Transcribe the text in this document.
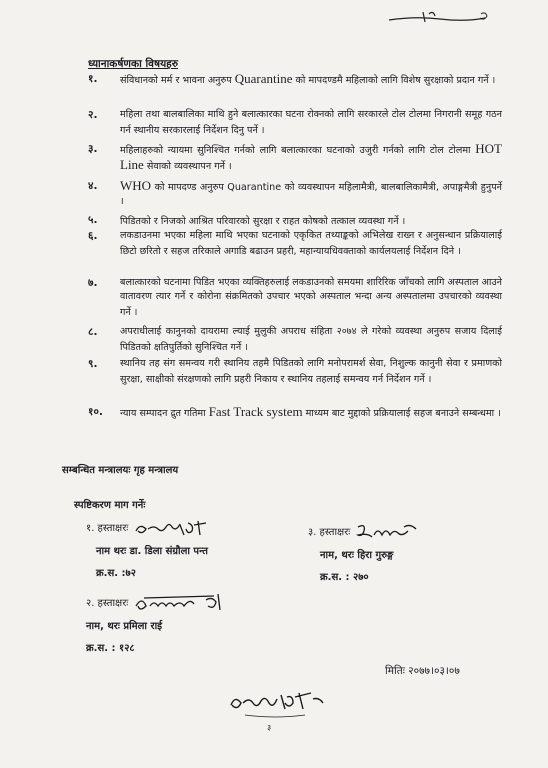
ध्यानाकर्षणका विषयहरु
१. संविधानको मर्म र भावना अनुरुप Quarantine को मापदण्डमै महिलाको लागि विशेष सुरक्षाको प्रदान गर्ने ।
२. महिला तथा बालबालिका माथि हुने बलात्कारका घटना रोक्नको लागि सरकारले टोल टोलमा निगरानी समूह गठन गर्न स्थानीय सरकारलाई निर्देशन दिनु पर्ने ।
३. महिलाहरुको न्यायमा सुनिश्चित गर्नको लागि बलात्कारका घटनाको उजुरी गर्नको लागि टोल टोलमा HOT Line सेवाको व्यवस्थापन गर्ने ।
४. WHO को मापदण्ड अनुरुप Quarantine को व्यवस्थापन महिलामैत्री, बालबालिकामैत्री, अपाङ्गमैत्री हुनुपर्ने ।
५. पिडितको र निजको आश्रित परिवारको सुरक्षा र राहत कोषको तत्काल व्यवस्था गर्ने ।
६. लकडाउनमा भएका महिला माथि भएका घटनाको एकृकित तथ्याङ्कको अभिलेख राख्न र अनुसन्धान प्रक्रियालाई छिटो छरितो र सहज तरिकाले अगाडि बढाउन प्रहरी, महान्यायधिवक्ताको कार्यलयलाई निर्देशन दिने ।
७. बलात्कारको घटनामा पिडित भएका व्यक्तिहरुलाई लकडाउनको समयमा शारिरिक जाँचको लागि अस्पताल आउने वातावरण त्यार गर्ने र कोरोना संक्रमितको उपचार भएको अस्पताल भन्दा अन्य अस्पतालमा उपचारको व्यवस्था गर्ने ।
८. अपराधीलाई कानुनको दायरामा ल्याई मुलुकी अपराध संहिता २०७४ ले गरेको व्यवस्था अनुरुप सजाय दिलाई पिडितको क्षतिपुर्तिको सुनिश्चित गर्ने ।
९. स्थानिय तह संग समन्वय गरी स्थानिय तहमै पिडितको लागि मनोपरामर्श सेवा, निशुल्क कानुनी सेवा र प्रमाणको सुरक्षा, साक्षीको संरक्षणको लागि प्रहरी निकाय र स्थानिय तहलाई समन्वय गर्न निर्देशन गर्ने ।
१०. न्याय सम्पादन द्रुत गतिमा Fast Track system माध्यम बाट मुद्दाको प्रक्रियालाई सहज बनाउने सम्बन्धमा ।
सम्बन्धित मन्त्रालयः गृह मन्त्रालय
स्पष्टिकरण माग गर्नेः
१. हस्ताक्षरः
नाम थरः डा. डिला संग्रौला पन्त
क्र.स. :७२
३. हस्ताक्षरः
नाम, थरः हिरा गुरुङ्ग
क्र.स. : २७०
२. हस्ताक्षरः
नाम, थरः प्रमिला राई
क्र.स. : १२८
मितिः २०७७।०३।०७
३
